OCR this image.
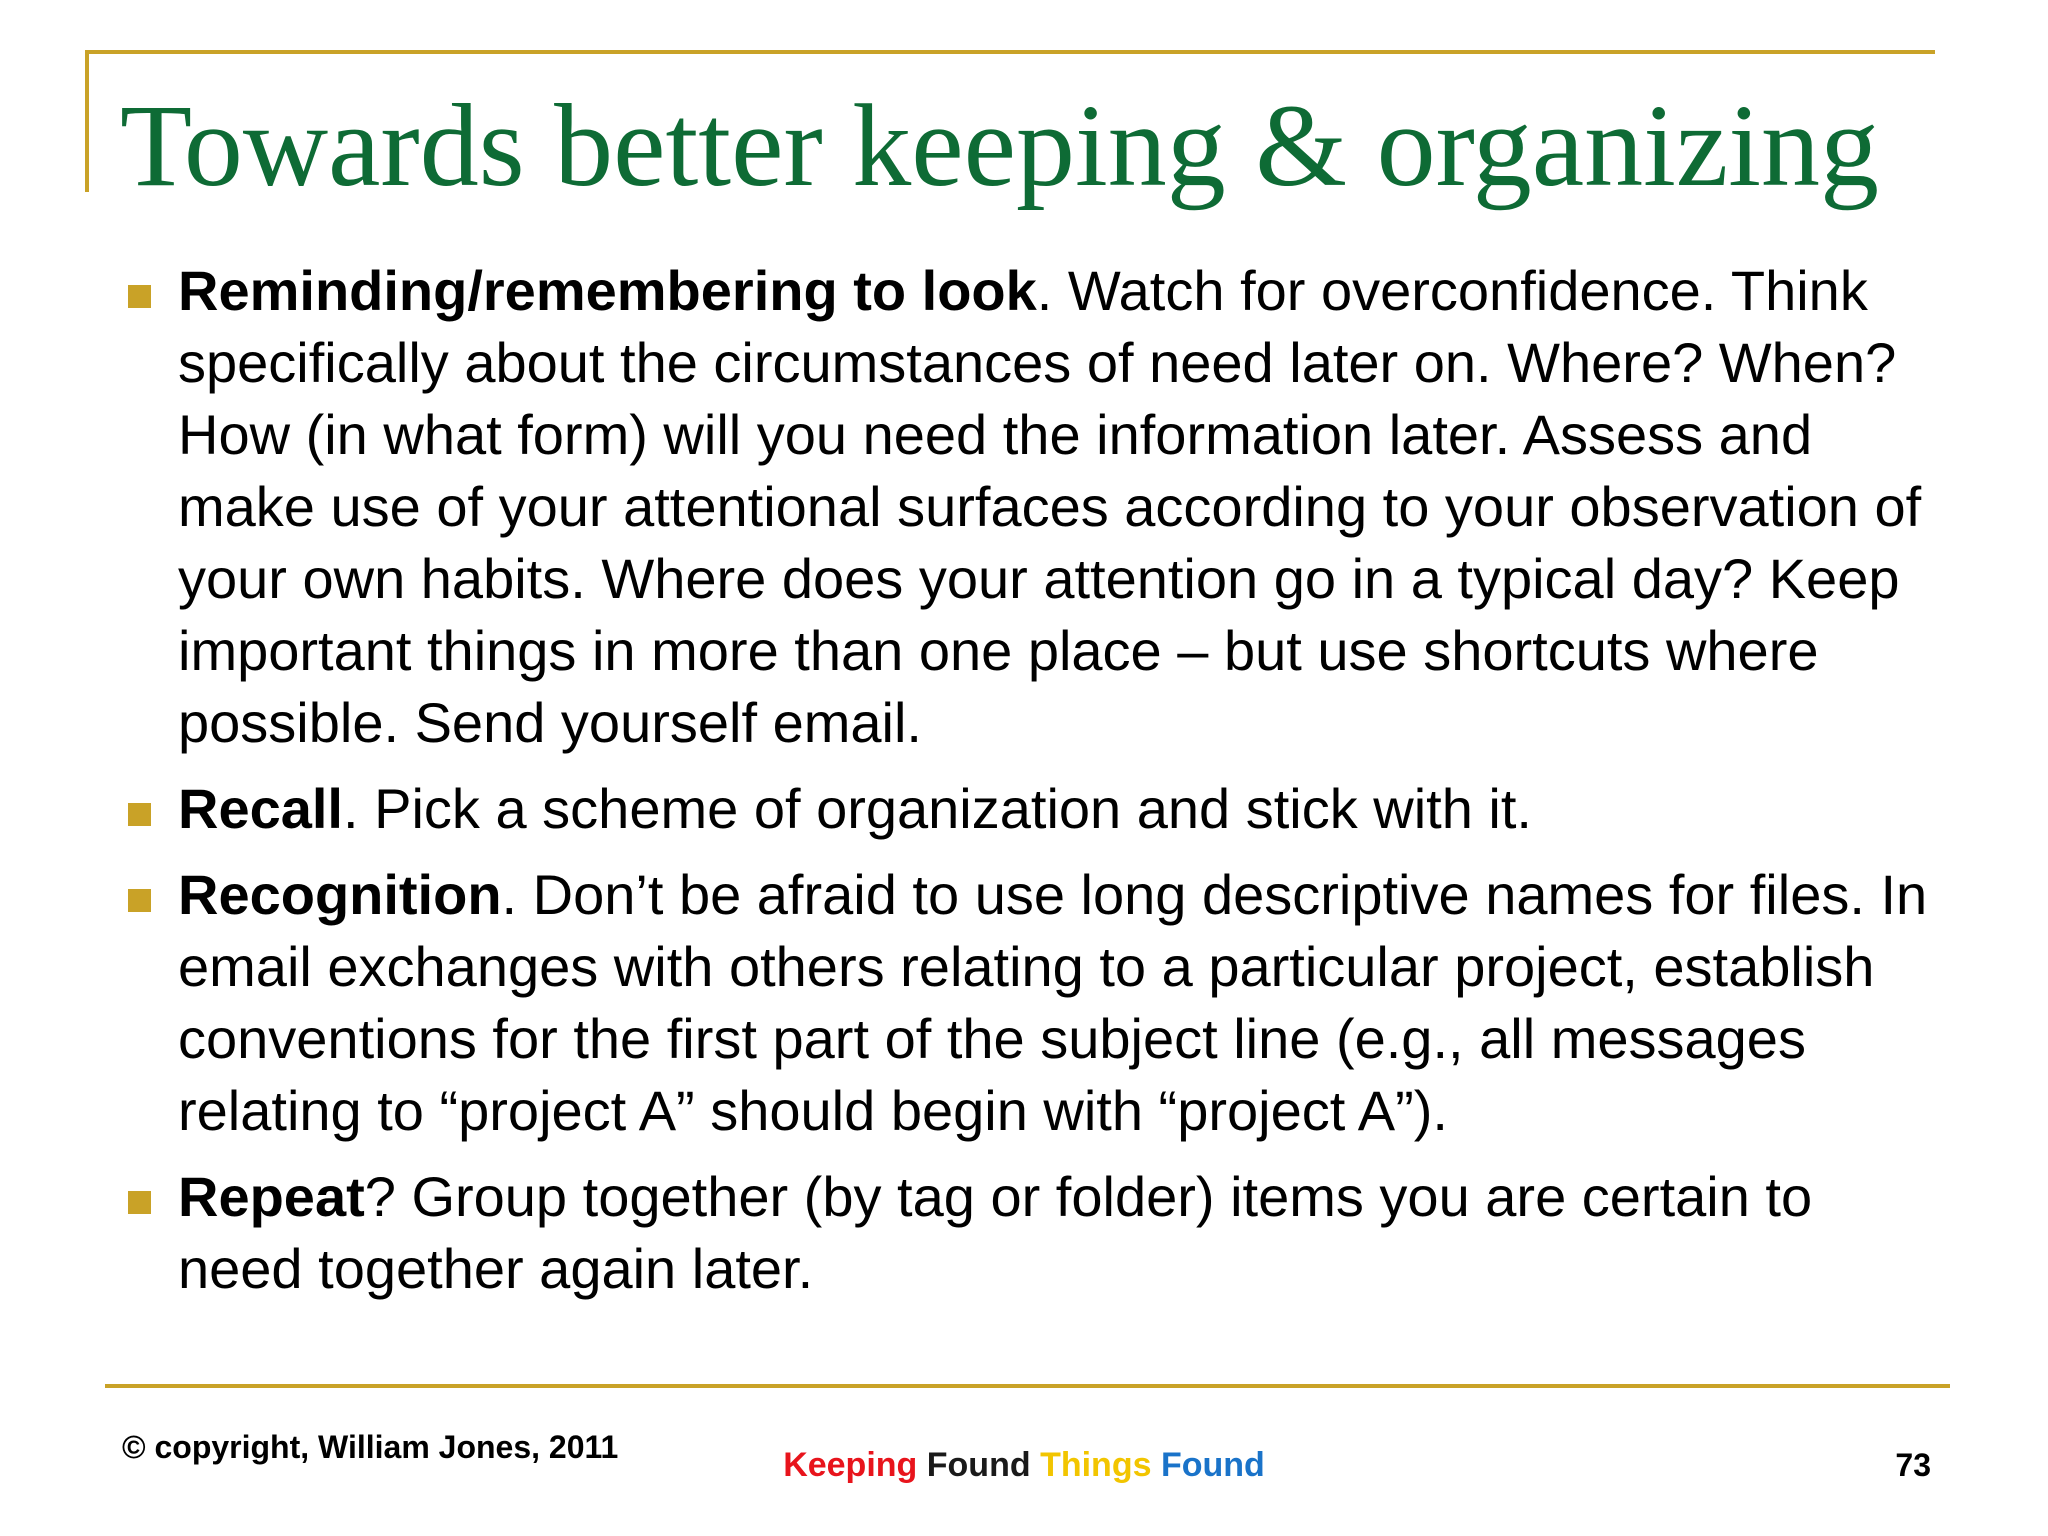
Towards better keeping & organizing
Reminding/remembering to look. Watch for overconfidence. Think specifically about the circumstances of need later on. Where? When? How (in what form) will you need the information later. Assess and make use of your attentional surfaces according to your observation of your own habits. Where does your attention go in a typical day? Keep important things in more than one place – but use shortcuts where possible. Send yourself email.
Recall. Pick a scheme of organization and stick with it.
Recognition. Don’t be afraid to use long descriptive names for files. In email exchanges with others relating to a particular project, establish conventions for the first part of the subject line (e.g., all messages relating to “project A” should begin with “project A”).
Repeat? Group together (by tag or folder) items you are certain to need together again later.
© copyright, William Jones, 2011	Keeping Found Things Found	73
